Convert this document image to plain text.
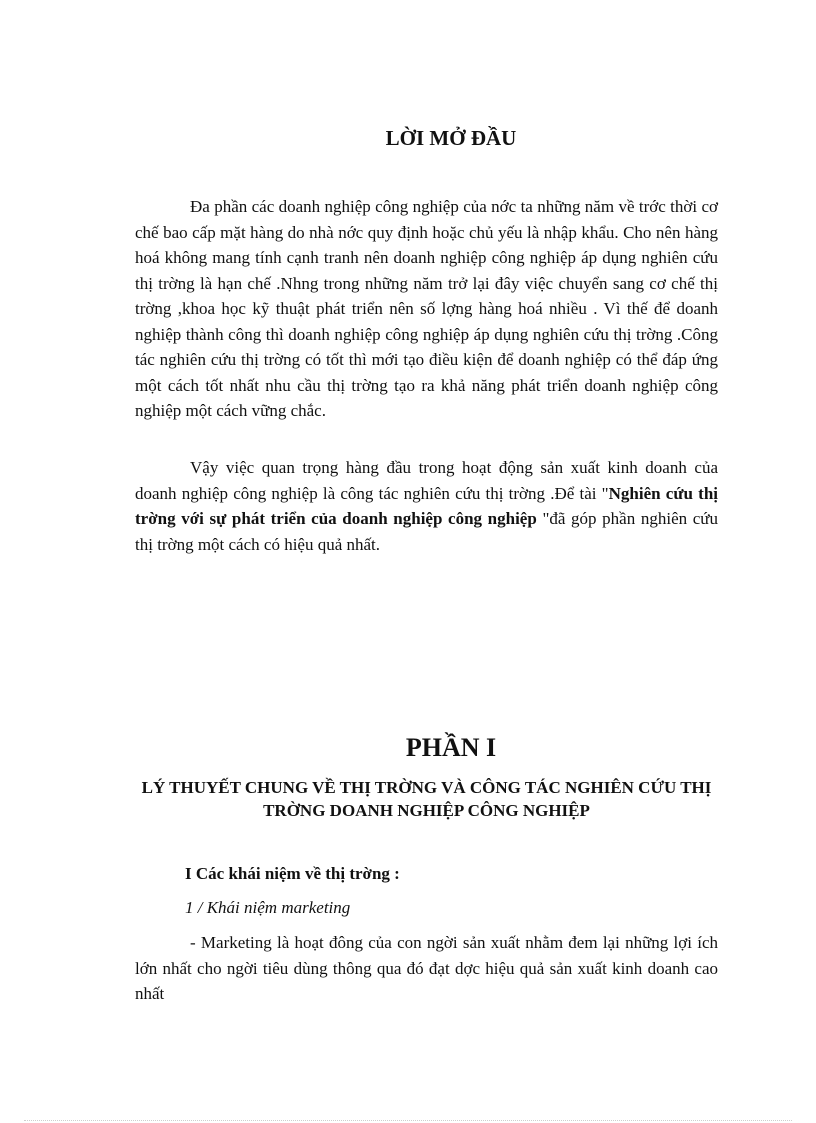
LỜI MỞ ĐẦU

Đa phần các doanh nghiệp công nghiệp của nớc ta những năm về trớc thời cơ chế bao cấp mặt hàng do nhà nớc quy định hoặc chủ yếu là nhập khẩu. Cho nên hàng hoá không mang tính cạnh tranh nên doanh nghiệp công nghiệp áp dụng nghiên cứu thị trờng là hạn chế .Nhng trong những năm trở lại đây việc chuyển sang cơ chế thị trờng ,khoa học kỹ thuật phát triển nên số lợng hàng hoá nhiều . Vì thế để doanh nghiệp thành công thì doanh nghiệp công nghiệp áp dụng nghiên cứu thị trờng .Công tác nghiên cứu thị trờng có tốt thì mới tạo điều kiện để doanh nghiệp có thể đáp ứng một cách tốt nhất nhu cầu thị trờng tạo ra khả năng phát triển doanh nghiệp công nghiệp một cách vững chắc.

Vậy việc quan trọng hàng đầu trong hoạt động sản xuất kinh doanh của doanh nghiệp công nghiệp là công tác nghiên cứu thị trờng .Để tài "Nghiên cứu thị trờng với sự phát triển của doanh nghiệp công nghiệp "đã góp phần nghiên cứu thị trờng một cách có hiệu quả nhất.

PHẦN I
LÝ THUYẾT CHUNG VỀ THỊ TRỜNG VÀ CÔNG TÁC NGHIÊN CỨU THỊ TRỜNG DOANH NGHIỆP CÔNG NGHIỆP
I Các khái niệm về thị trờng :
1 / Khái niệm marketing

- Marketing là hoạt đông của con ngời sản xuất nhằm đem lại những lợi ích lớn nhất cho ngời tiêu dùng thông qua đó đạt dợc hiệu quả sản xuất kinh doanh cao nhất
